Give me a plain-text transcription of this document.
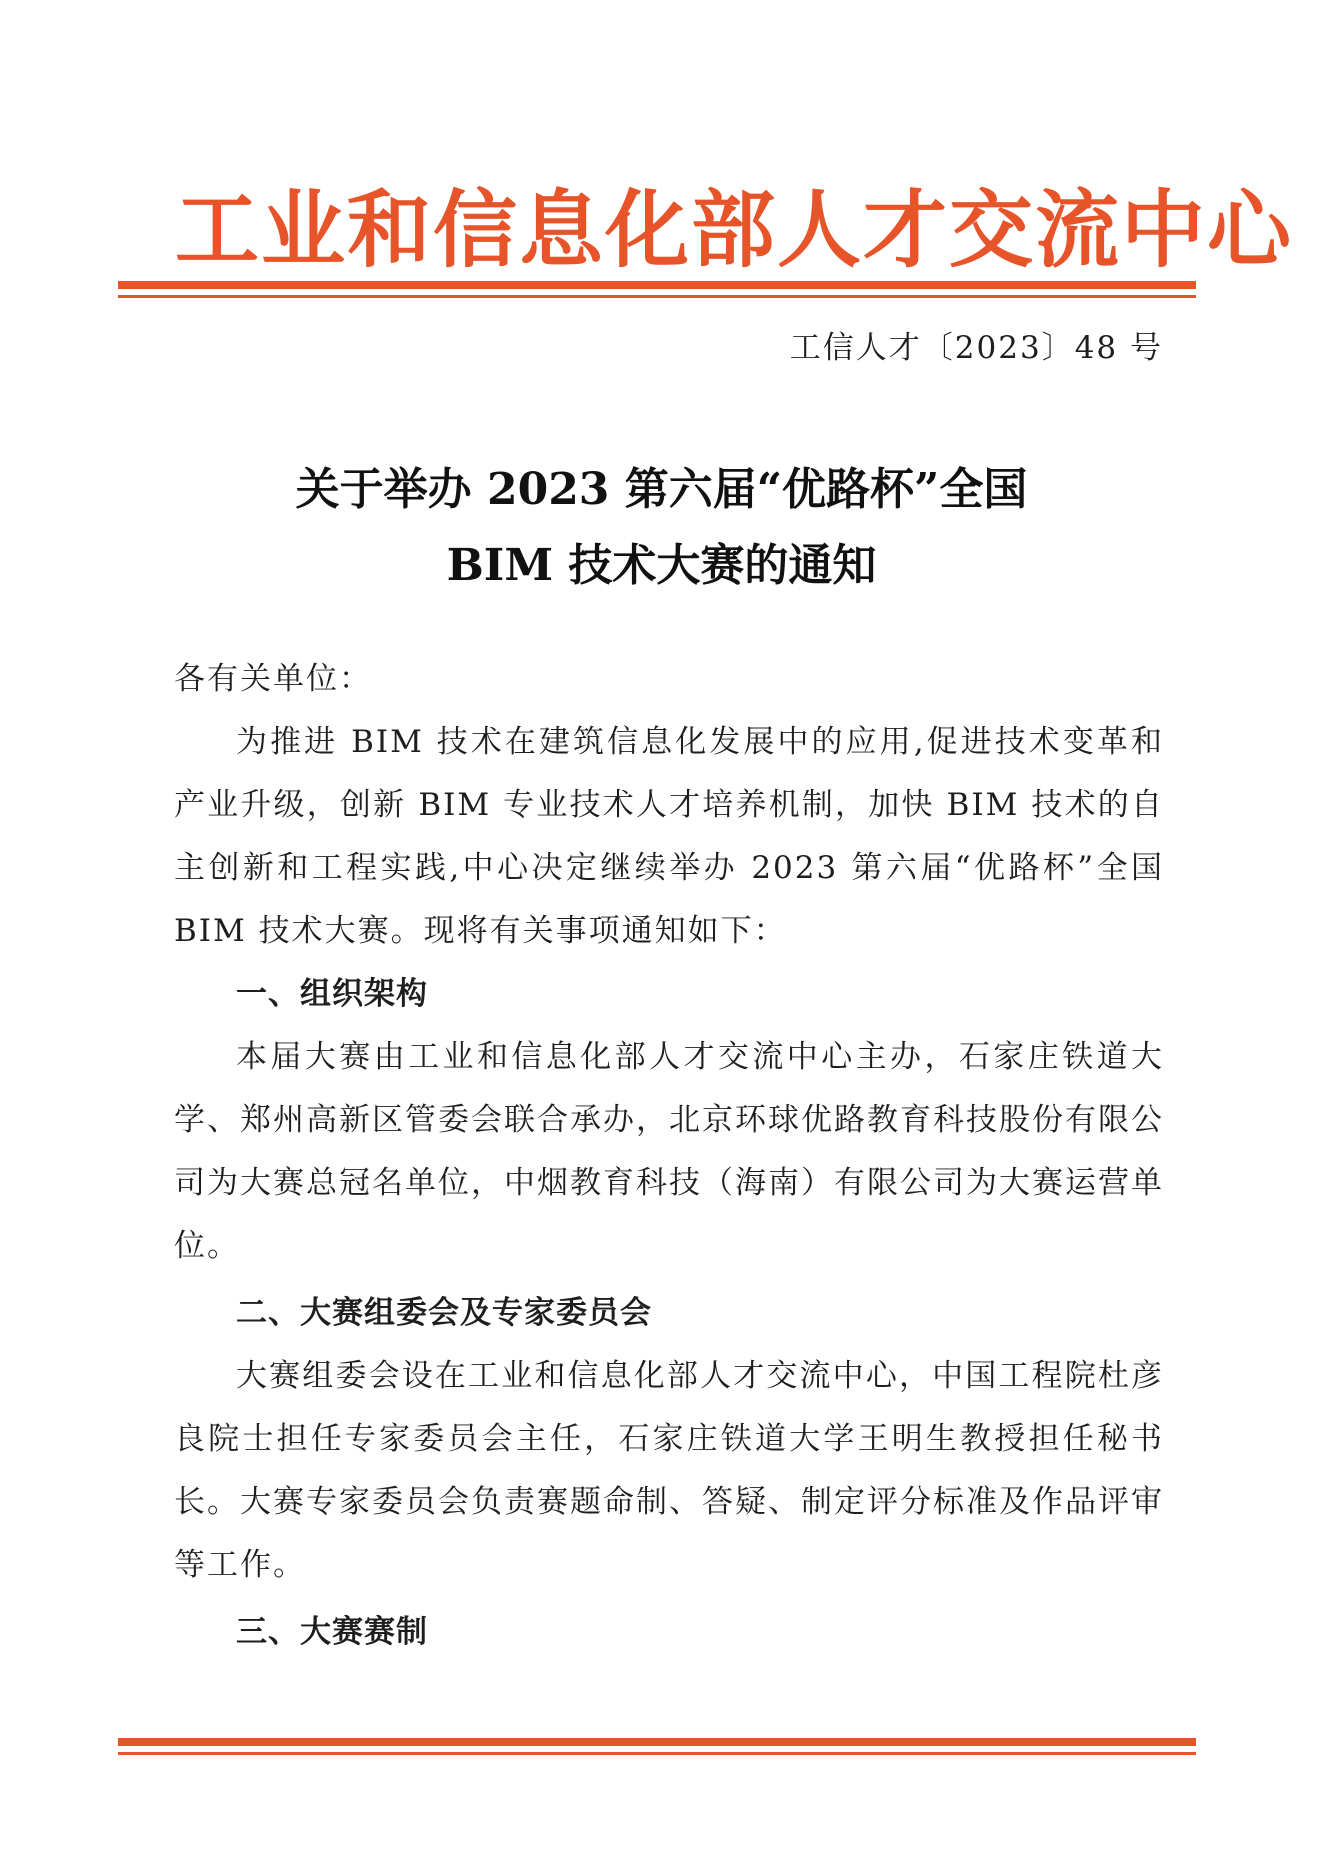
工业和信息化部人才交流中心
工信人才〔2023〕48 号
关于举办 2023 第六届“优路杯”全国
BIM 技术大赛的通知

各有关单位：

为推进 BIM 技术在建筑信息化发展中的应用,促进技术变革和产业升级，创新 BIM 专业技术人才培养机制，加快 BIM 技术的自主创新和工程实践,中心决定继续举办 2023 第六届“优路杯”全国 BIM 技术大赛。现将有关事项通知如下：

一、组织架构

本届大赛由工业和信息化部人才交流中心主办，石家庄铁道大学、郑州高新区管委会联合承办，北京环球优路教育科技股份有限公司为大赛总冠名单位，中烟教育科技（海南）有限公司为大赛运营单位。

二、大赛组委会及专家委员会

大赛组委会设在工业和信息化部人才交流中心，中国工程院杜彦良院士担任专家委员会主任，石家庄铁道大学王明生教授担任秘书长。大赛专家委员会负责赛题命制、答疑、制定评分标准及作品评审等工作。

三、大赛赛制
